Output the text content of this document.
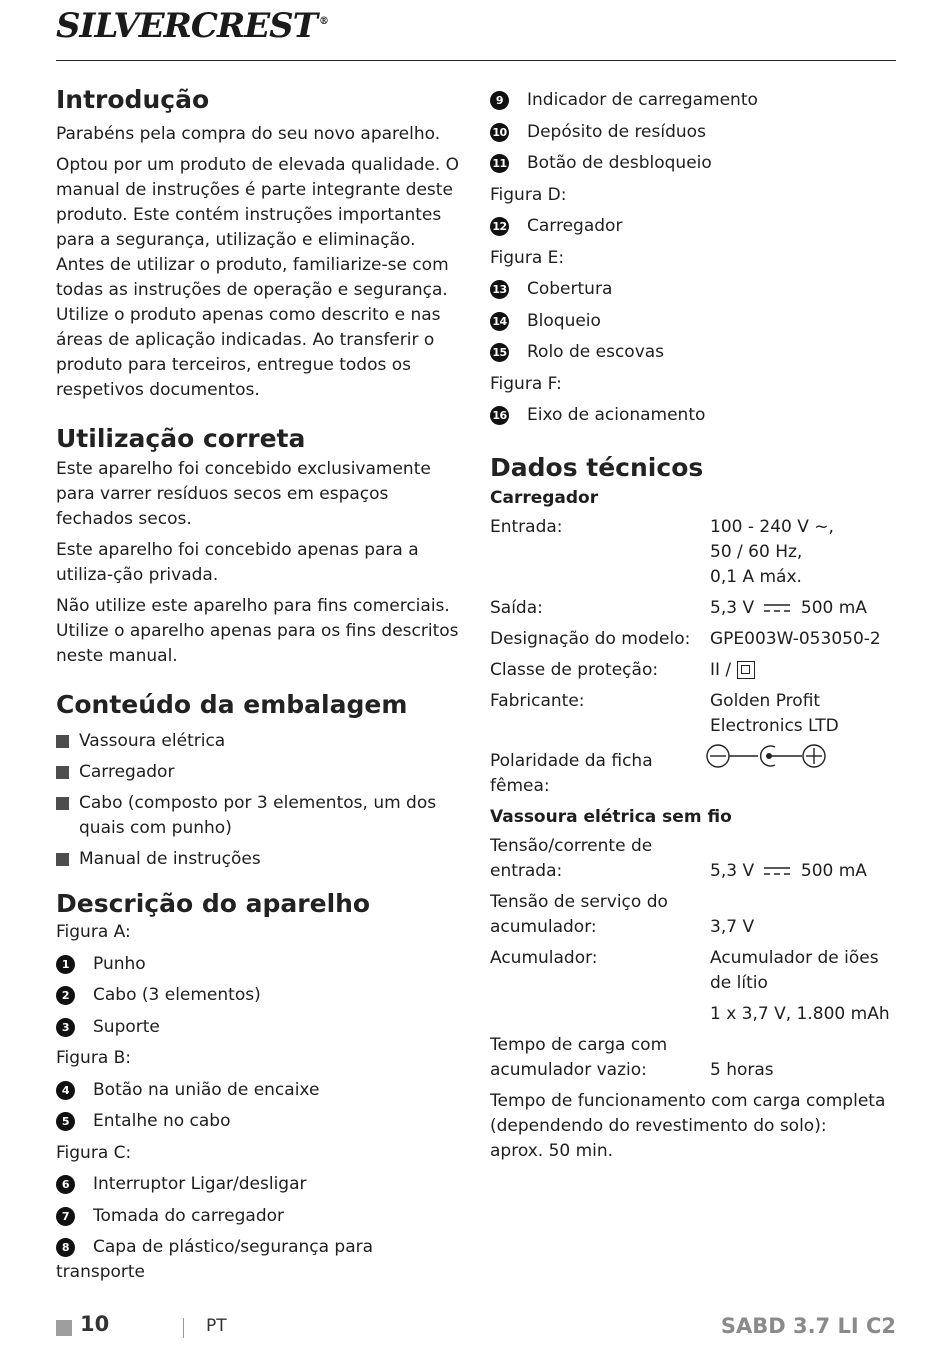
SILVERCREST ®
Introdução

Parabéns pela compra do seu novo aparelho.

Optou por um produto de elevada qualidade. O manual de instruções é parte integrante deste produto. Este contém instruções importantes para a segurança, utilização e eliminação. Antes de utilizar o produto, familiarize-se com todas as instruções de operação e segurança. Utilize o produto apenas como descrito e nas áreas de aplicação indicadas. Ao transferir o produto para terceiros, entregue todos os respetivos documentos.

Utilização correta

Este aparelho foi concebido exclusivamente para varrer resíduos secos em espaços fechados secos.

Este aparelho foi concebido apenas para a utiliza-ção privada.

Não utilize este aparelho para fins comerciais. Utilize o aparelho apenas para os fins descritos neste manual.

Conteúdo da embalagem
Vassoura elétrica
Carregador
Cabo (composto por 3 elementos, um dos quais com punho)
Manual de instruções
Descrição do aparelho
Figura A:
1	Punho
2	Cabo (3 elementos)
3	Suporte
Figura B:
4	Botão na união de encaixe
5	Entalhe no cabo
Figura C:
6	Interruptor Ligar/desligar
7	Tomada do carregador
8 Capa de plástico/segurança para transporte
9	Indicador de carregamento
10 Depósito de resíduos
11 Botão de desbloqueio
Figura D:
12 Carregador
Figura E:
13 Cobertura
14 Bloqueio
15 Rolo de escovas
Figura F:
16 Eixo de acionamento
Dados técnicos
Carregador
Entrada:	100 - 240 V ~,
50 / 60 Hz,
0,1 A máx.
Saída:	5,3 V	500 mA
Designação do modelo:	GPE003W-053050-2
Classe de proteção:	II /
Fabricante:	Golden Profit
Electronics LTD
Polaridade da ficha fêmea:
Vassoura elétrica sem fio
Tensão/corrente de
entrada:	5,3 V	500 mA
Tensão de serviço do
acumulador:	3,7 V
Acumulador:	Acumulador de iões de lítio
1 x 3,7 V, 1.800 mAh
Tempo de carga com
acumulador vazio:	5 horas
Tempo de funcionamento com carga completa
(dependendo do revestimento do solo):
aprox. 50 min.
10	PT	SABD 3.7 LI C2
